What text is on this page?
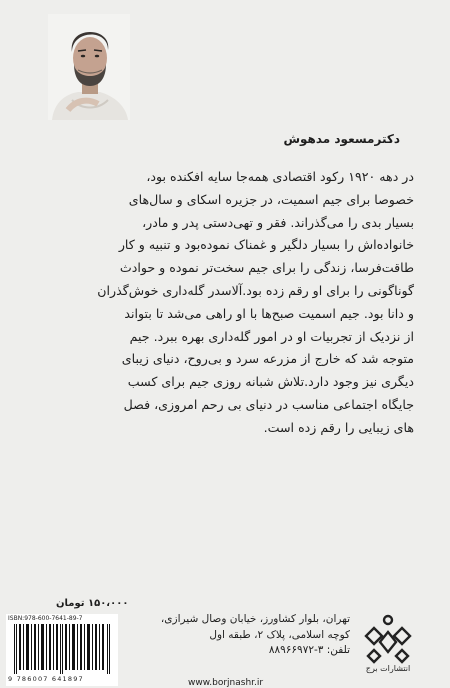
دکترمسعود مدهوش

در دهه ۱۹۲۰ رکود اقتصادی همه‌جا سایه افکنده بود،

خصوصا برای جیم اسمیت، در جزیره اسکای و سال‌های

بسیار بدی را می‌گذراند. فقر و تهی‌دستی پدر و مادر،

خانواده‌اش را بسیار دلگیر و غمناک نموده‌بود و تنبیه و کار

طاقت‌فرسا، زندگی را برای جیم سخت‌تر نموده و حوادث

گوناگونی را برای او رقم زده بود.آلاسدر گله‌داری خوش‌گذران

و دانا بود. جیم اسمیت صبح‌ها با او راهی می‌شد تا بتواند

از نزدیک از تجربیات او در امور گله‌داری بهره ببرد. جیم

متوجه شد که خارج از مزرعه سرد و بی‌روح، دنیای زیبای

دیگری نیز وجود دارد.تلاش شبانه روزی جیم برای کسب

جایگاه اجتماعی مناسب در دنیای بی رحم امروزی، فصل

های زیبایی را رقم زده است.

۱۵۰،۰۰۰ تومان
ISBN:978-600-7641-89-7
9 786007 641897
تهران، بلوار کشاورز، خیابان وصال شیرازی،
کوچه اسلامی، پلاک ۲، طبقه اول
تلفن: ۳-۸۸۹۶۶۹۷۲
انتشارات برج
www.borjnashr.ir
